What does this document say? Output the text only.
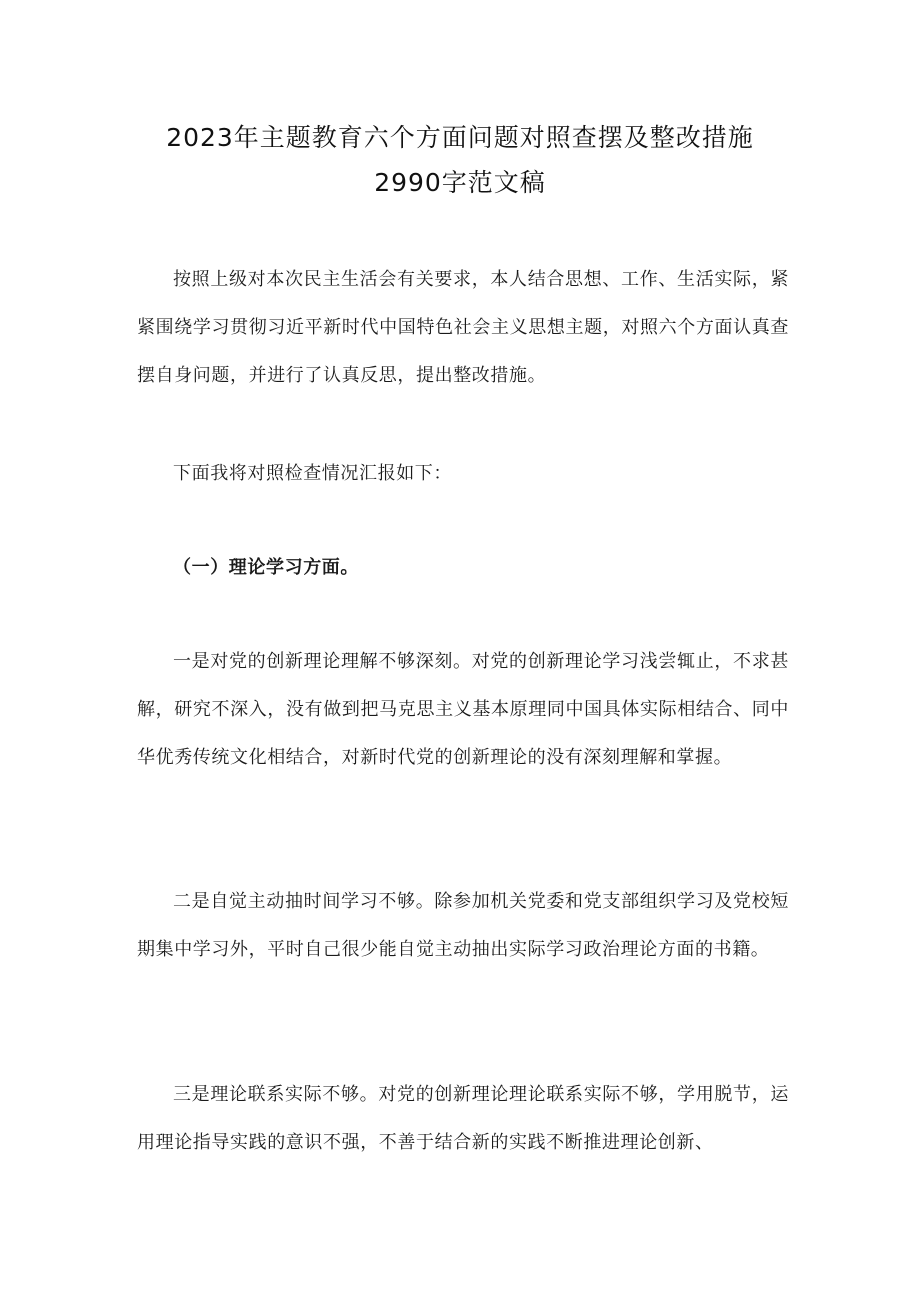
2023年主题教育六个方面问题对照查摆及整改措施
2990字范文稿

按照上级对本次民主生活会有关要求，本人结合思想、工作、生活实际，紧紧围绕学习贯彻习近平新时代中国特色社会主义思想主题，对照六个方面认真查摆自身问题，并进行了认真反思，提出整改措施。

下面我将对照检查情况汇报如下：

（一）理论学习方面。

一是对党的创新理论理解不够深刻。对党的创新理论学习浅尝辄止，不求甚解，研究不深入，没有做到把马克思主义基本原理同中国具体实际相结合、同中华优秀传统文化相结合，对新时代党的创新理论的没有深刻理解和掌握。

二是自觉主动抽时间学习不够。除参加机关党委和党支部组织学习及党校短期集中学习外，平时自己很少能自觉主动抽出实际学习政治理论方面的书籍。

三是理论联系实际不够。对党的创新理论理论联系实际不够，学用脱节，运用理论指导实践的意识不强，不善于结合新的实践不断推进理论创新、
